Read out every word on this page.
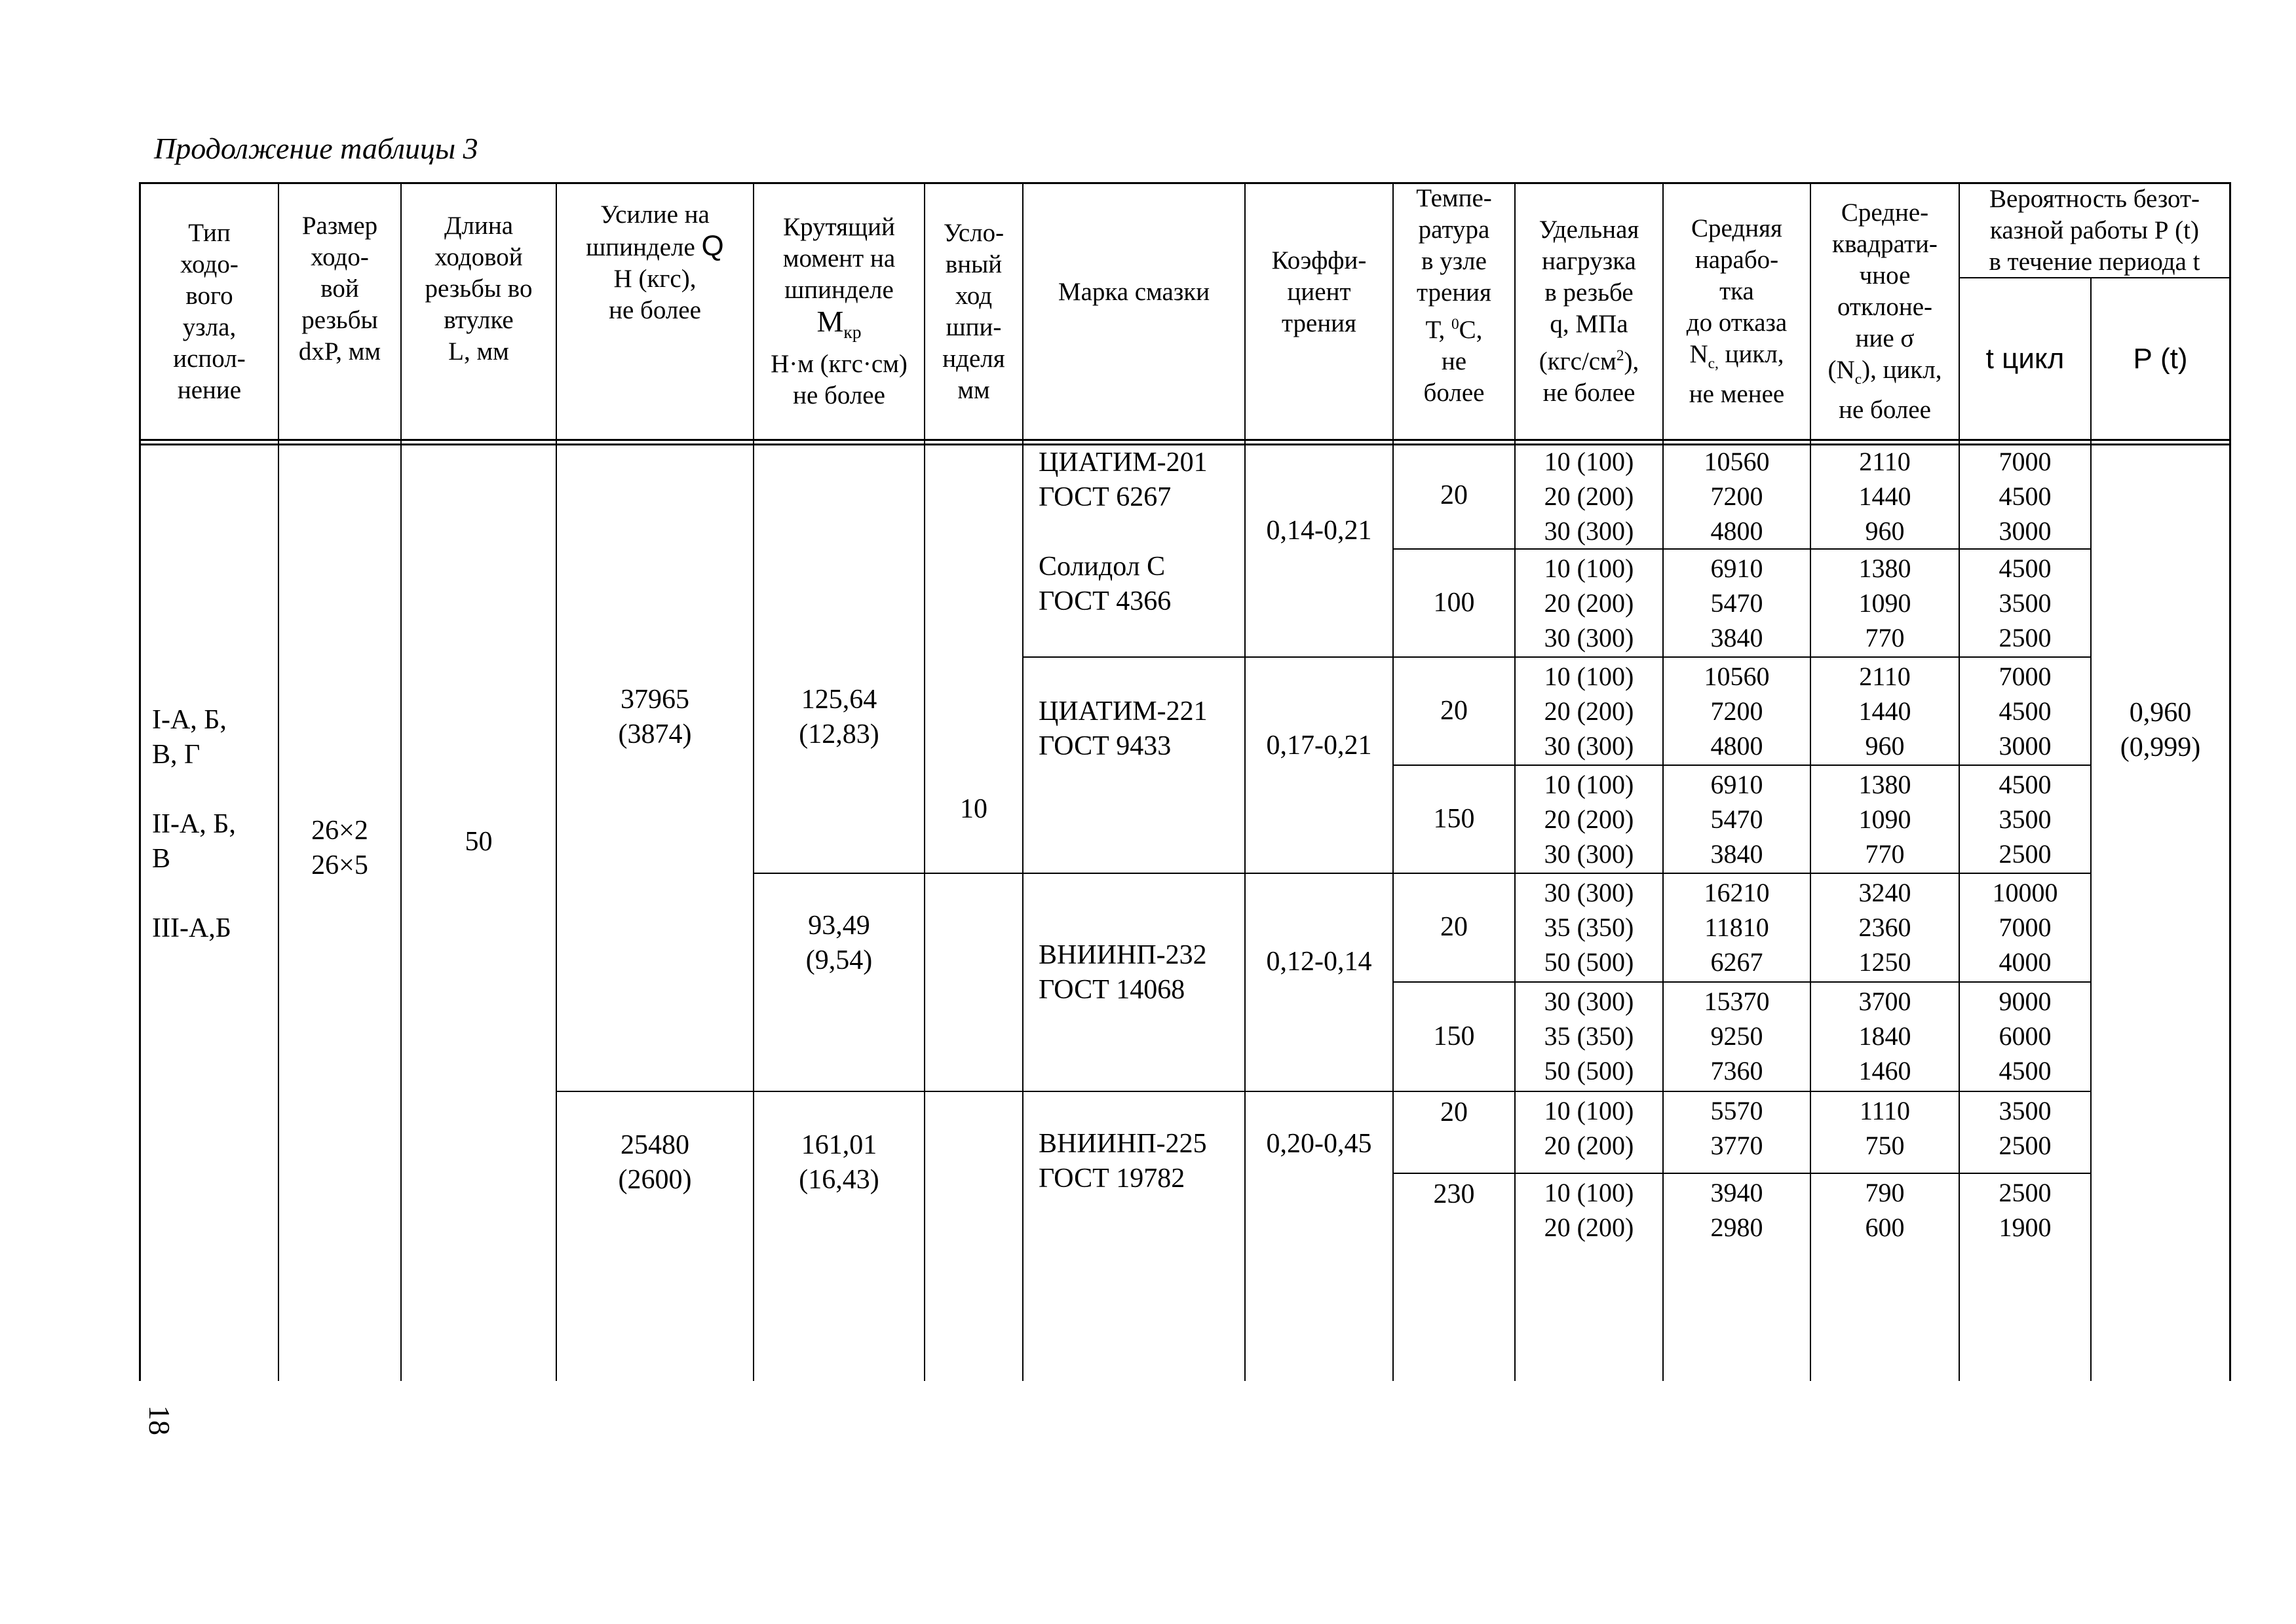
Продолжение таблицы 3
18
Тип
ходо-
вого
узла,
испол-
нение
Размер
ходо-
вой
резьбы
dxP, мм
Длина
ходовой
резьбы во
втулке
L, мм
Усилие на
шпинделе Q
Н (кгс),
не более
Крутящий
момент на
шпинделе
$М_{кр}$
Н·м (кгс·см)
не более
Усло-
вный
ход
шпи-
нделя
мм
Марка смазки
Коэффи-
циент
трения
Темпе-
ратура
в узле
трения
Т, $^0$С,
не
более
Удельная
нагрузка
в резьбе
q, МПа
$(кгс/см^2)$,
не более
Средняя
нарабо-
тка
до отказа
$N_{c,}$ цикл,
не менее
Средне-
квадрати-
чное
отклоне-
ние σ
$(N_c)$, цикл,
не более
Вероятность безот-
казной работы Р (t)
в течение периода t
t цикл Р (t)
I-А, Б,
В, Г
II-А, Б,
В
III-А,Б
26×2
26×5
50
37965
(3874)
25480
(2600)
125,64
(12,83)
93,49
(9,54)
161,01
(16,43)
10
0,960
(0,999)
ЦИАТИМ-201
ГОСТ 6267
Солидол С
ГОСТ 4366
ЦИАТИМ-221
ГОСТ 9433
ВНИИНП-232
ГОСТ 14068
ВНИИНП-225
ГОСТ 19782
0,14-0,21
0,17-0,21
0,12-0,14
0,20-0,45
20
100
20
150
20
150
20
230
10 (100)
20 (200)
30 (300)
10560
7200
4800
2110
1440
960
7000
4500
3000
10 (100)
20 (200)
30 (300)
6910
5470
3840
1380
1090
770
4500
3500
2500
10 (100)
20 (200)
30 (300)
10560
7200
4800
2110
1440
960
7000
4500
3000
10 (100)
20 (200)
30 (300)
6910
5470
3840
1380
1090
770
4500
3500
2500
30 (300)
35 (350)
50 (500)
16210
11810
6267
3240
2360
1250
10000
7000
4000
30 (300)
35 (350)
50 (500)
15370
9250
7360
3700
1840
1460
9000
6000
4500
10 (100)
20 (200)
5570
3770
1110
750
3500
2500
10 (100)
20 (200)
3940
2980
790
600
2500
1900
